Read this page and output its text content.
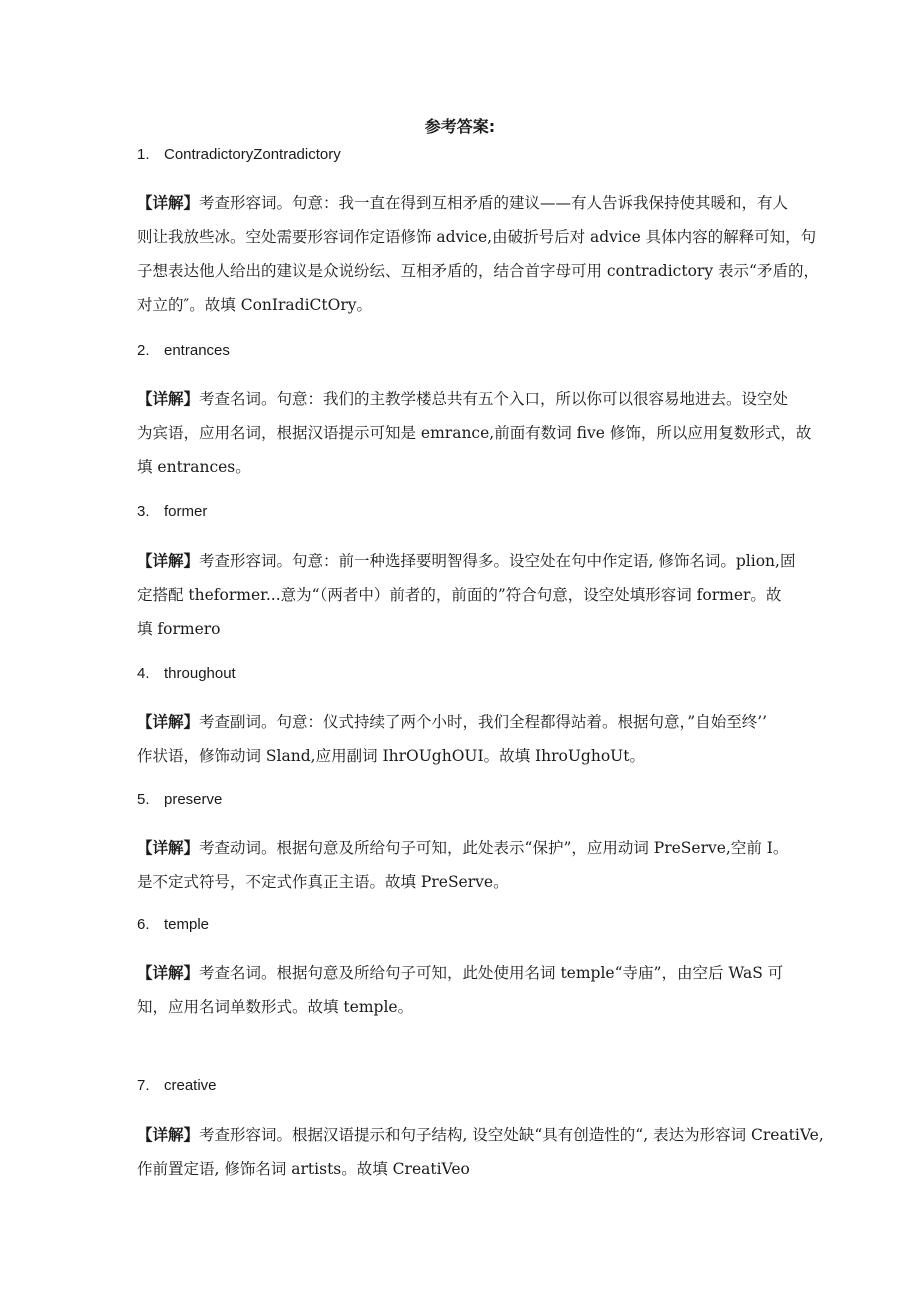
参考答案:
1. ContradictoryZontradictory
【详解】考查形容词。句意：我一直在得到互相矛盾的建议——有人告诉我保持使其暖和，有人
则让我放些冰。空处需要形容词作定语修饰 advice,由破折号后对 advice 具体内容的解释可知，句
子想表达他人给出的建议是众说纷纭、互相矛盾的，结合首字母可用 contradictory 表示“矛盾的，
对立的″。故填 ConIradiCtOry。
2. entrances
【详解】考查名词。句意：我们的主教学楼总共有五个入口，所以你可以很容易地进去。设空处
为宾语，应用名词，根据汉语提示可知是 emrance,前面有数词 five 修饰，所以应用复数形式，故
填 entrances。
3. former
【详解】考查形容词。句意：前一种选择要明智得多。设空处在句中作定语, 修饰名词。plion,固
定搭配 theformer...意为“（两者中）前者的，前面的”符合句意，设空处填形容词 former。故
填 formero
4. throughout
【详解】考查副词。句意：仪式持续了两个小时，我们全程都得站着。根据句意，”自始至终’’
作状语，修饰动词 Sland,应用副词 IhrOUghOUI。故填 IhroUghoUt。
5. preserve
【详解】考查动词。根据句意及所给句子可知，此处表示“保护”，应用动词 PreServe,空前 I。
是不定式符号，不定式作真正主语。故填 PreServe。
6. temple
【详解】考查名词。根据句意及所给句子可知，此处使用名词 temple“寺庙”，由空后 WaS 可
知，应用名词单数形式。故填 temple。
7. creative
【详解】考查形容词。根据汉语提示和句子结构, 设空处缺“具有创造性的“, 表达为形容词 CreatiVe,
作前置定语, 修饰名词 artists。故填 CreatiVeo
